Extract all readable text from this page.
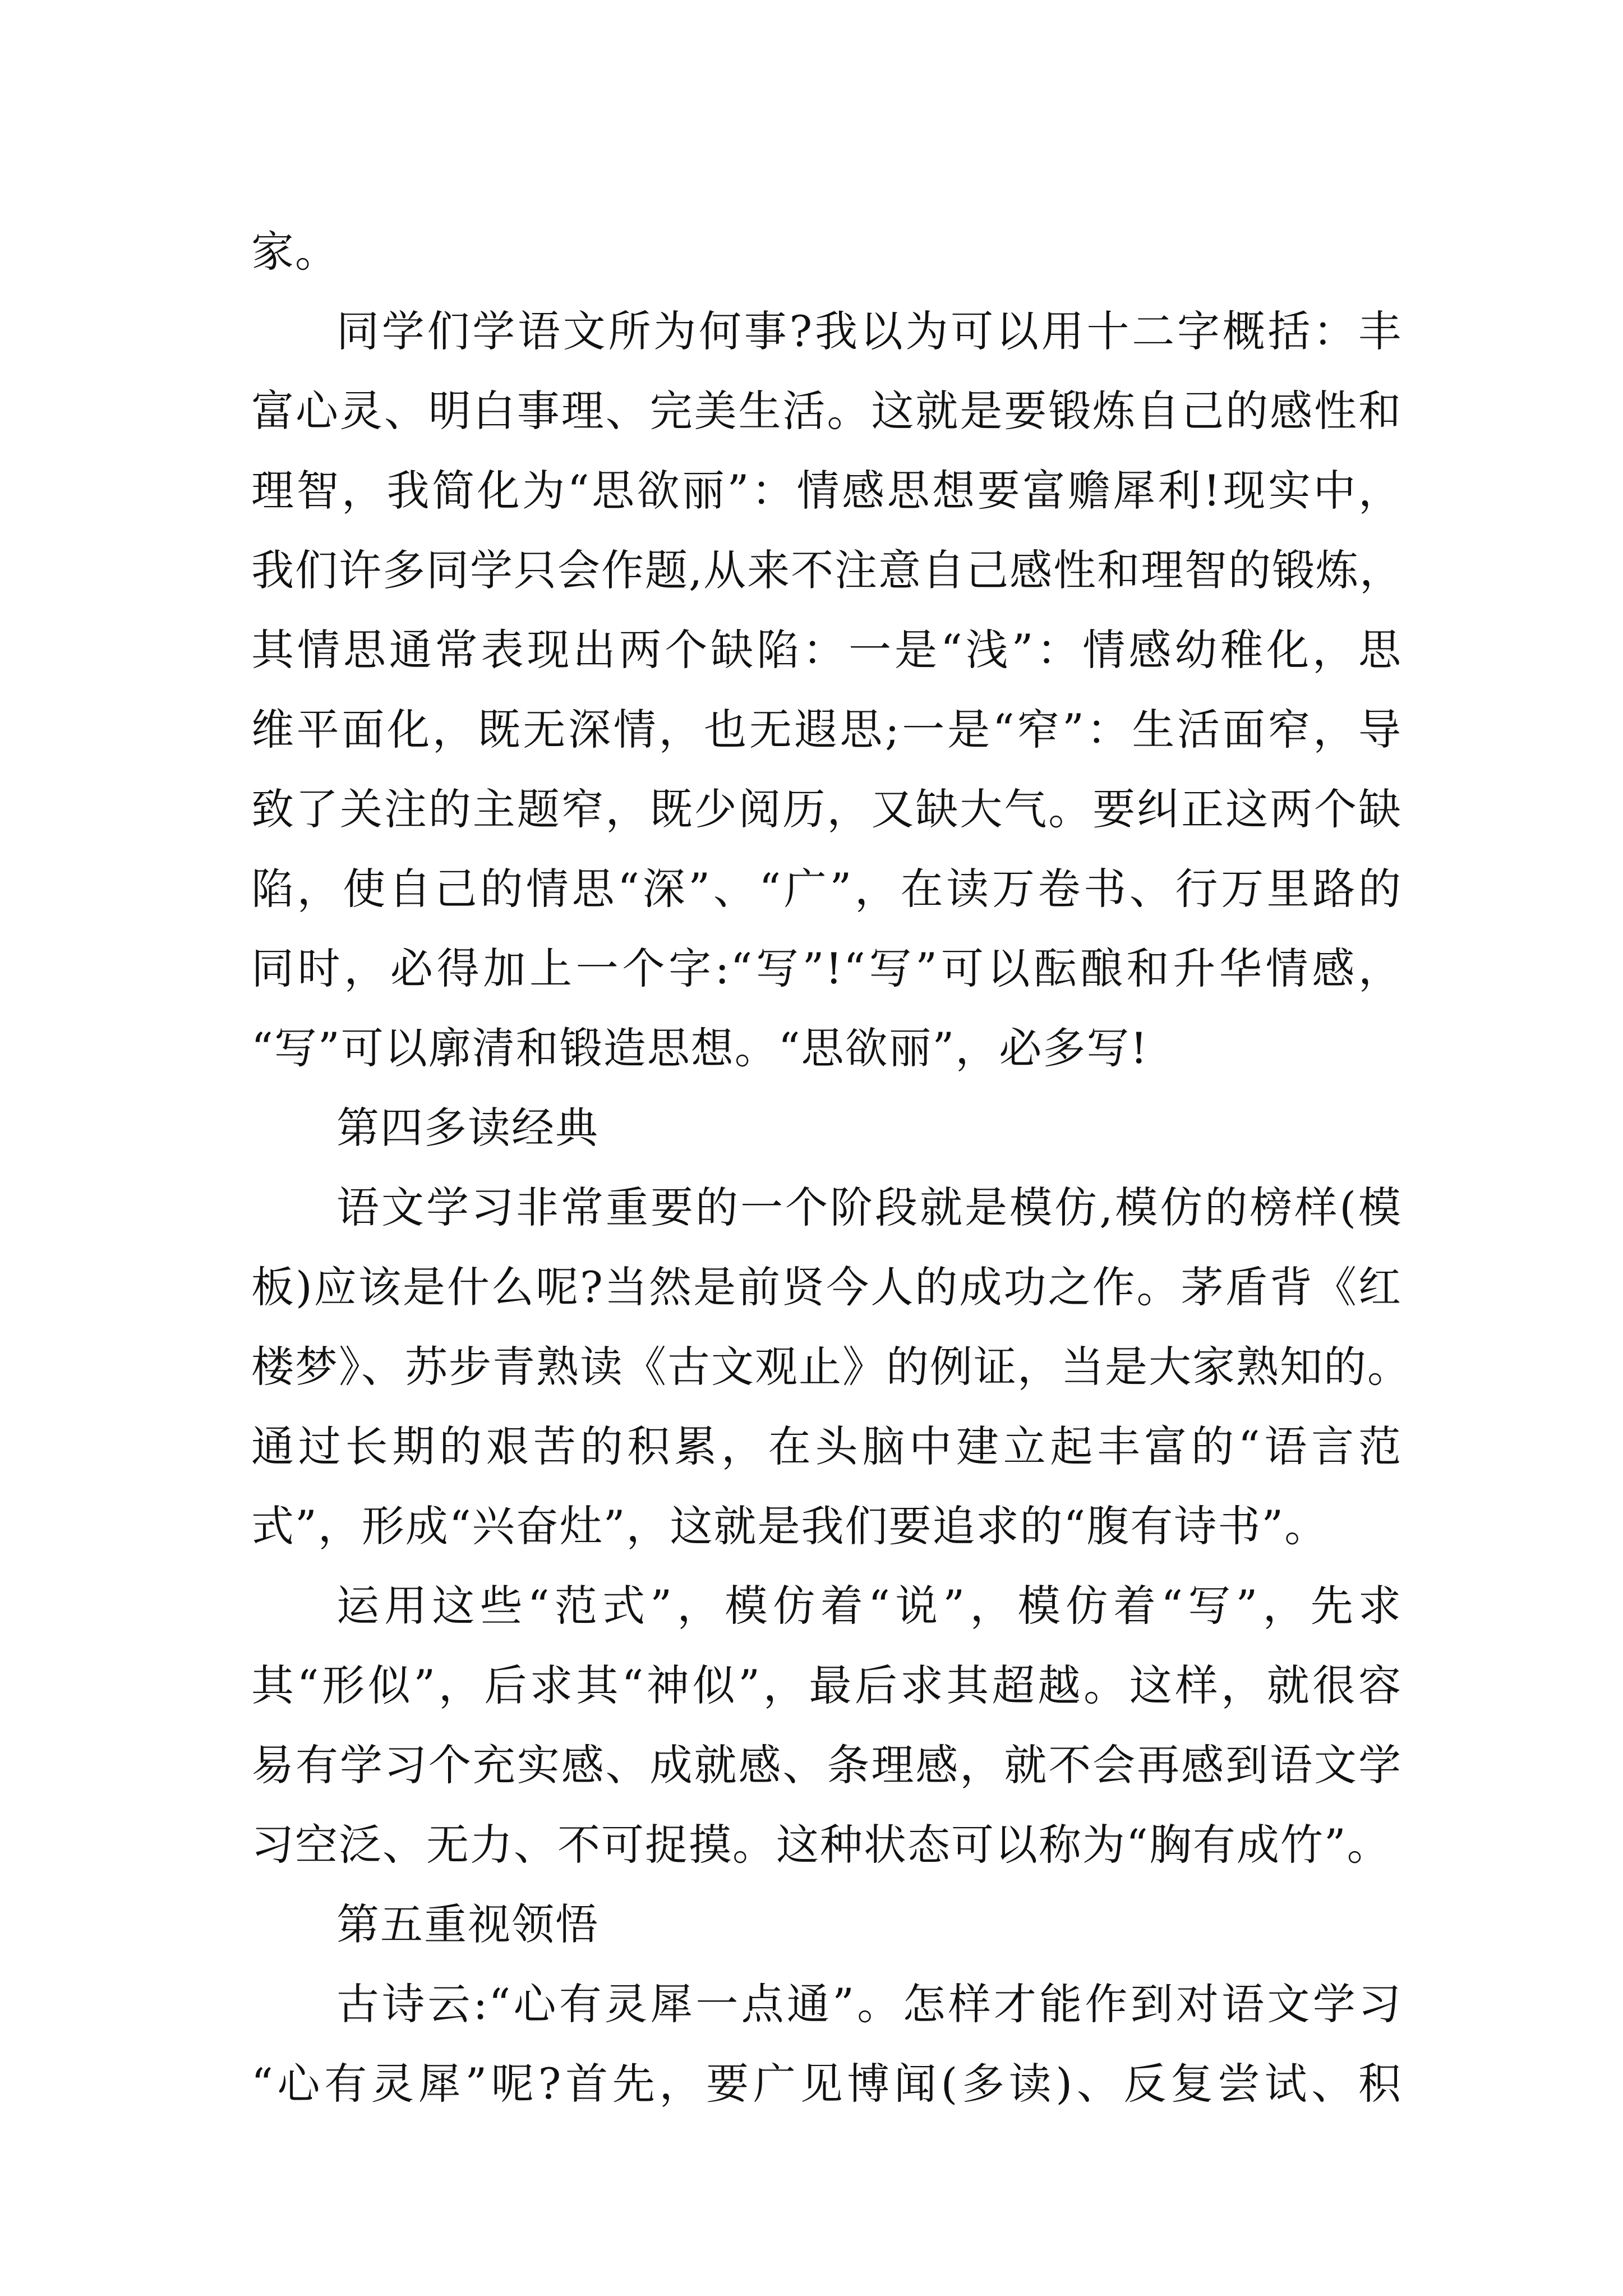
家。
同学们学语文所为何事?我以为可以用十二字概括：丰
富心灵、明白事理、完美生活。这就是要锻炼自己的感性和
理智，我简化为“思欲丽”：情感思想要富赡犀利!现实中，
我们许多同学只会作题,从来不注意自己感性和理智的锻炼，
其情思通常表现出两个缺陷：一是“浅”：情感幼稚化，思
维平面化，既无深情，也无遐思;一是“窄”：生活面窄，导
致了关注的主题窄，既少阅历，又缺大气。要纠正这两个缺
陷，使自己的情思“深”、“广”，在读万卷书、行万里路的
同时，必得加上一个字:“写”!“写”可以酝酿和升华情感，
“写”可以廓清和锻造思想。“思欲丽”，必多写!
第四多读经典
语文学习非常重要的一个阶段就是模仿,模仿的榜样(模
板)应该是什么呢?当然是前贤今人的成功之作。茅盾背《红
楼梦》、苏步青熟读《古文观止》的例证，当是大家熟知的。
通过长期的艰苦的积累，在头脑中建立起丰富的“语言范
式”，形成“兴奋灶”，这就是我们要追求的“腹有诗书”。
运用这些“范式”，模仿着“说”，模仿着“写”，先求
其“形似”，后求其“神似”，最后求其超越。这样，就很容
易有学习个充实感、成就感、条理感，就不会再感到语文学
习空泛、无力、不可捉摸。这种状态可以称为“胸有成竹”。
第五重视领悟
古诗云:“心有灵犀一点通”。怎样才能作到对语文学习
“心有灵犀”呢?首先，要广见博闻(多读)、反复尝试、积
